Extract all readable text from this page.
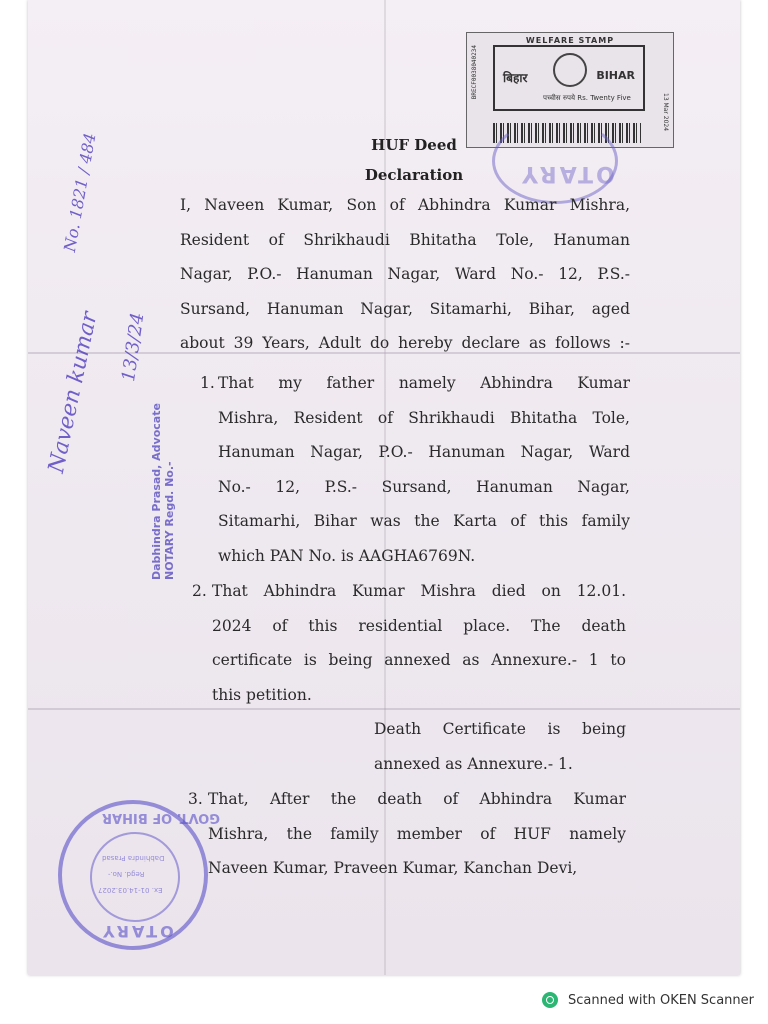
WELFARE STAMP
BRECF0038040234 बिहार	BIHAR
पच्चीस रुपये Rs. Twenty Five	13 Mar 2024
OTARY
HUF Deed
Declaration
I, Naveen Kumar, Son of Abhindra Kumar Mishra,
Resident of Shrikhaudi Bhitatha Tole, Hanuman
Nagar, P.O.- Hanuman Nagar, Ward No.- 12, P.S.-
Sursand, Hanuman Nagar, Sitamarhi, Bihar, aged
about 39 Years, Adult do hereby declare as follows :-
1. That my father namely Abhindra Kumar
Mishra, Resident of Shrikhaudi Bhitatha Tole,
Hanuman Nagar, P.O.- Hanuman Nagar, Ward
No.- 12, P.S.- Sursand, Hanuman Nagar,
Sitamarhi, Bihar was the Karta of this family
which PAN No. is AAGHA6769N.
2. That Abhindra Kumar Mishra died on 12.01.
2024 of this residential place. The death
certificate is being annexed as Annexure.- 1 to
this petition.
Death Certificate is being
annexed as Annexure.- 1.
3. That, After the death of Abhindra Kumar
Mishra, the family member of HUF namely
Naveen Kumar, Praveen Kumar, Kanchan Devi,
Dabhindra Prasad, Advocate NOTARY Regd. No.-
Naveen kumar
No. 1821 / 484
13/3/24
GOVT. OF BIHAR
Dabhindra Prasad
Regd. No.-
Ex. 01-14.03.2027
OTARY
Scanned with OKEN Scanner
